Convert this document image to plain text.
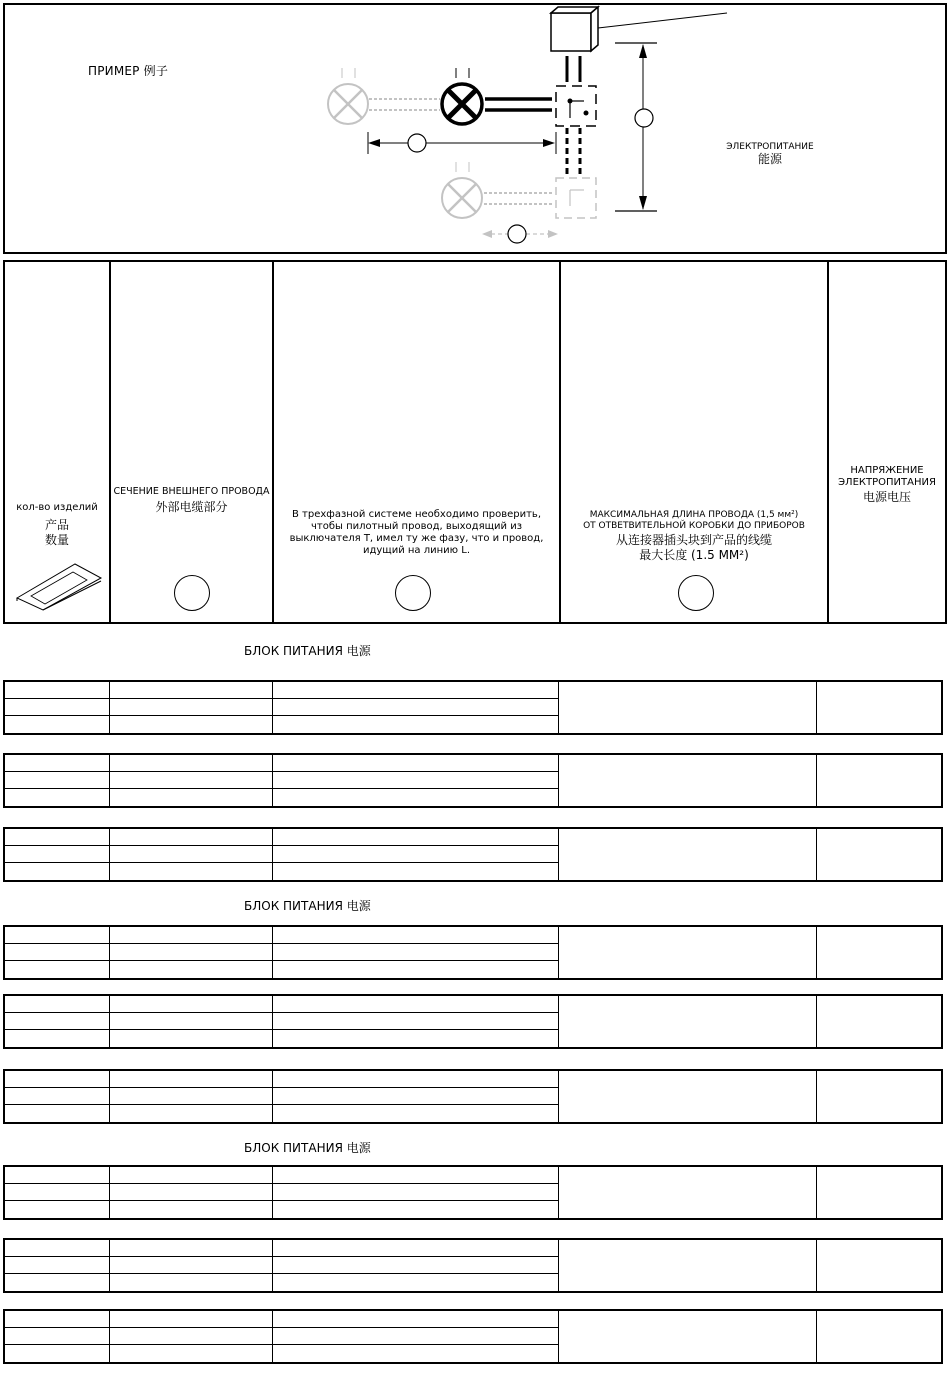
ПРИМЕР 例子
ЭЛЕКТРОПИТАНИЕ
能源
кол-во изделий
产品
数量
СЕЧЕНИЕ ВНЕШНЕГО ПРОВОДА
外部电缆部分
В трехфазной системе необходимо проверить,
чтобы пилотный провод, выходящий из
выключателя T, имел ту же фазу, что и провод,
идущий на линию L.
МАКСИМАЛЬНАЯ ДЛИНА ПРОВОДА (1,5 мм²)
ОТ ОТВЕТВИТЕЛЬНОЙ КОРОБКИ ДО ПРИБОРОВ
从连接器插头块到产品的线缆
最大长度 (1.5 MM²)
НАПРЯЖЕНИЕ
ЭЛЕКТРОПИТАНИЯ
电源电压
БЛОК ПИТАНИЯ 电源
БЛОК ПИТАНИЯ 电源
БЛОК ПИТАНИЯ 电源
